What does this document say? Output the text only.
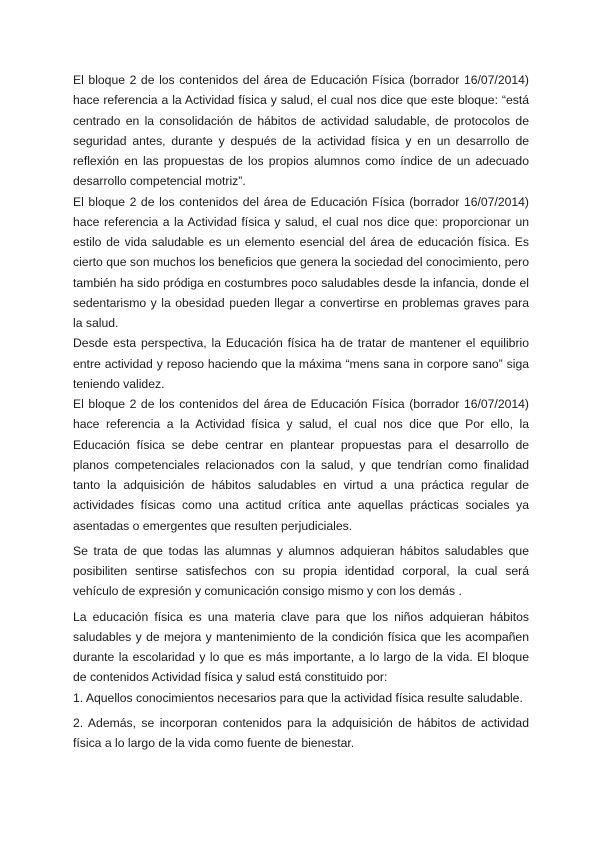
El bloque 2 de los contenidos del área de Educación Física (borrador 16/07/2014) hace referencia a la Actividad física y salud, el cual nos dice que este bloque: “está centrado en la consolidación de hábitos de actividad saludable, de protocolos de seguridad antes, durante y después de la actividad física y en un desarrollo de reflexión en las propuestas de los propios alumnos como índice de un adecuado desarrollo competencial motriz”.

El bloque 2 de los contenidos del área de Educación Física (borrador 16/07/2014) hace referencia a la Actividad física y salud, el cual nos dice que: proporcionar un estilo de vida saludable es un elemento esencial del área de educación física. Es cierto que son muchos los beneficios que genera la sociedad del conocimiento, pero también ha sido pródiga en costumbres poco saludables desde la infancia, donde el sedentarismo y la obesidad pueden llegar a convertirse en problemas graves para la salud.

Desde esta perspectiva, la Educación física ha de tratar de mantener el equilibrio entre actividad y reposo haciendo que la máxima “mens sana in corpore sano” siga teniendo validez.

El bloque 2 de los contenidos del área de Educación Física (borrador 16/07/2014) hace referencia a la Actividad física y salud, el cual nos dice que Por ello, la Educación física se debe centrar en plantear propuestas para el desarrollo de planos competenciales relacionados con la salud, y que tendrían como finalidad tanto la adquisición de hábitos saludables en virtud a una práctica regular de actividades físicas como una actitud crítica ante aquellas prácticas sociales ya asentadas o emergentes que resulten perjudiciales.

Se trata de que todas las alumnas y alumnos adquieran hábitos saludables que posibiliten sentirse satisfechos con su propia identidad corporal, la cual será vehículo de expresión y comunicación consigo mismo y con los demás .

La educación física es una materia clave para que los niños adquieran hábitos saludables y de mejora y mantenimiento de la condición física que les acompañen durante la escolaridad y lo que es más importante, a lo largo de la vida. El bloque de contenidos Actividad física y salud está constituido por:

1. Aquellos conocimientos necesarios para que la actividad física resulte saludable.

2. Además, se incorporan contenidos para la adquisición de hábitos de actividad física a lo largo de la vida como fuente de bienestar.
